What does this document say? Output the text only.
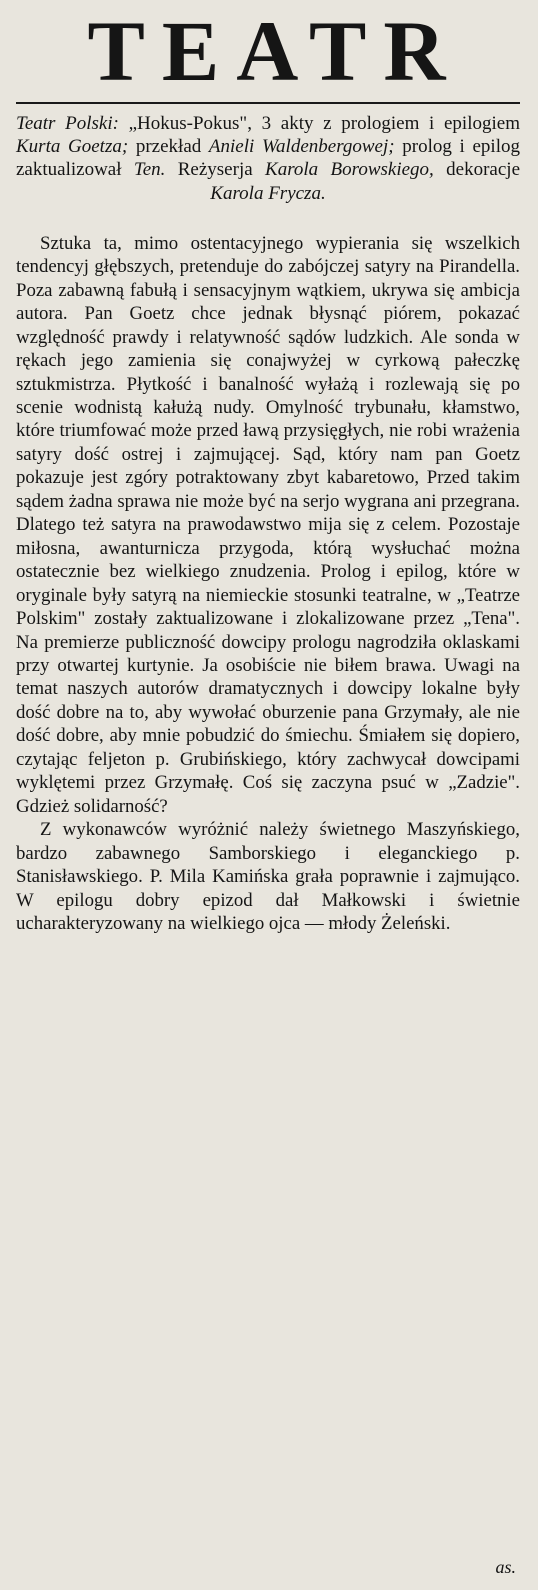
TEATR

Teatr Polski: „Hokus-Pokus", 3 akty z prologiem i epilogiem Kurta Goetza; przekład Anieli Waldenbergowej; prolog i epilog zaktualizował Ten. Reżyserja Karola Borowskiego, dekoracje Karola Frycza.

Sztuka ta, mimo ostentacyjnego wypierania się wszelkich tendencyj głębszych, pretenduje do zabójczej satyry na Pirandella. Poza zabawną fabułą i sensacyjnym wątkiem, ukrywa się ambicja autora. Pan Goetz chce jednak błysnąć piórem, pokazać względność prawdy i relatywność sądów ludzkich. Ale sonda w rękach jego zamienia się conajwyżej w cyrkową pałeczkę sztukmistrza. Płytkość i banalność wyłażą i rozlewają się po scenie wodnistą kałużą nudy. Omylność trybunału, kłamstwo, które triumfować może przed ławą przysięgłych, nie robi wrażenia satyry dość ostrej i zajmującej. Sąd, który nam pan Goetz pokazuje jest zgóry potraktowany zbyt kabaretowo, Przed takim sądem żadna sprawa nie może być na serjo wygrana ani przegrana. Dlatego też satyra na prawodawstwo mija się z celem. Pozostaje miłosna, awanturnicza przygoda, którą wysłuchać można ostatecznie bez wielkiego znudzenia. Prolog i epilog, które w oryginale były satyrą na niemieckie stosunki teatralne, w „Teatrze Polskim" zostały zaktualizowane i zlokalizowane przez „Tena". Na premierze publiczność dowcipy prologu nagrodziła oklaskami przy otwartej kurtynie. Ja osobiście nie biłem brawa. Uwagi na temat naszych autorów dramatycznych i dowcipy lokalne były dość dobre na to, aby wywołać oburzenie pana Grzymały, ale nie dość dobre, aby mnie pobudzić do śmiechu. Śmiałem się dopiero, czytając feljeton p. Grubińskiego, który zachwycał dowcipami wyklętemi przez Grzymałę. Coś się zaczyna psuć w „Zadzie". Gdzież solidarność?

Z wykonawców wyróżnić należy świetnego Maszyńskiego, bardzo zabawnego Samborskiego i eleganckiego p. Stanisławskiego. P. Mila Kamińska grała poprawnie i zajmująco. W epilogu dobry epizod dał Małkowski i świetnie ucharakteryzowany na wielkiego ojca — młody Żeleński.

as.
